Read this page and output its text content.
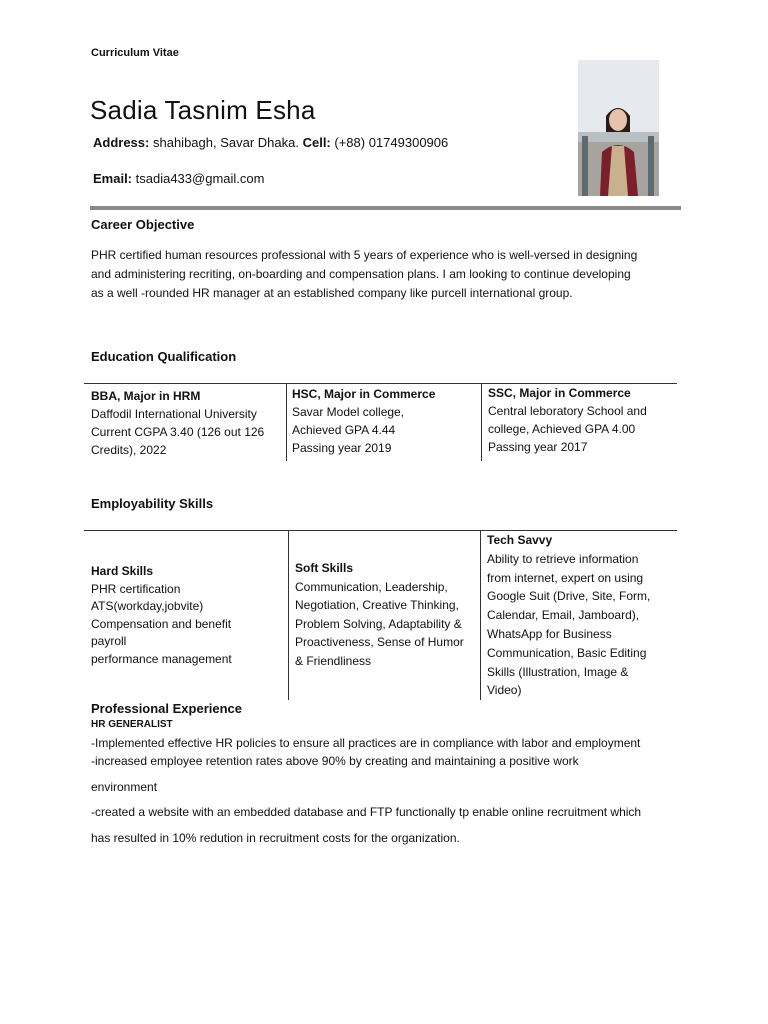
Curriculum Vitae
Sadia Tasnim Esha
Address: shahibagh, Savar Dhaka. Cell: (+88) 01749300906
Email: tsadia433@gmail.com
Career Objective

PHR certified human resources professional with 5 years of experience who is well-versed in designing

and administering recriting, on-boarding and compensation plans. I am looking to continue developing

as a well -rounded HR manager at an established company like purcell international group.

Education Qualification
BBA, Major in HRM
Daffodil International University
Current CGPA 3.40 (126 out 126
Credits), 2022
HSC, Major in Commerce
Savar Model college,
Achieved GPA 4.44
Passing year 2019
SSC, Major in Commerce
Central leboratory School and
college, Achieved GPA 4.00
Passing year 2017
Employability Skills
Hard Skills
PHR certification
ATS(workday,jobvite)
Compensation and benefit
payroll
performance management
Soft Skills
Communication, Leadership,
Negotiation, Creative Thinking,
Problem Solving, Adaptability &
Proactiveness, Sense of Humor
& Friendliness
Tech Savvy
Ability to retrieve information
from internet, expert on using
Google Suit (Drive, Site, Form,
Calendar, Email, Jamboard),
WhatsApp for Business
Communication, Basic Editing
Skills (Illustration, Image &
Video)
Professional Experience
HR GENERALIST
-Implemented effective HR policies to ensure all practices are in compliance with labor and employment
-increased employee retention rates above 90% by creating and maintaining a positive work
environment
-created a website with an embedded database and FTP functionally tp enable online recruitment which
has resulted in 10% redution in recruitment costs for the organization.
